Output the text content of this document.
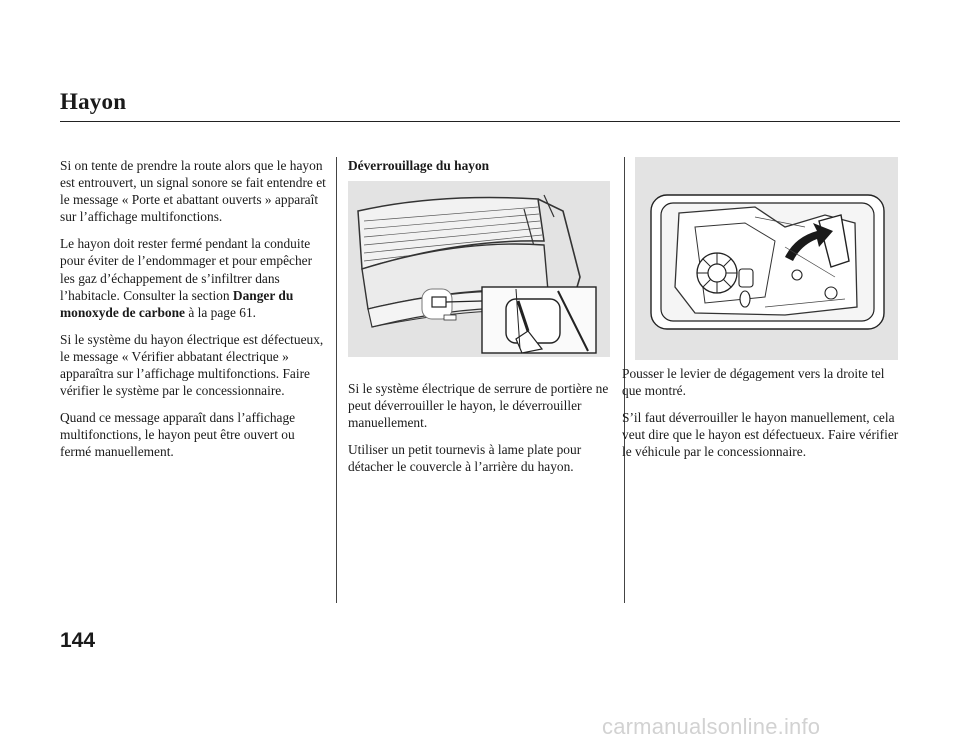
Hayon

Si on tente de prendre la route alors que le hayon est entrouvert, un signal sonore se fait entendre et le message « Porte et abattant ouverts » apparaît sur l’affichage multifonctions.

Le hayon doit rester fermé pendant la conduite pour éviter de l’endommager et pour empêcher les gaz d’échappement de s’infiltrer dans l’habitacle. Consulter la section Danger du monoxyde de carbone à la page 61.

Si le système du hayon électrique est défectueux, le message « Vérifier abbatant électrique » apparaîtra sur l’affichage multifonctions. Faire vérifier le système par le concessionnaire.

Quand ce message apparaît dans l’affichage multifonctions, le hayon peut être ouvert ou fermé manuellement.

Déverrouillage du hayon

Si le système électrique de serrure de portière ne peut déverrouiller le hayon, le déverrouiller manuellement.

Utiliser un petit tournevis à lame plate pour détacher le couvercle à l’arrière du hayon.

Pousser le levier de dégagement vers la droite tel que montré.

S’il faut déverrouiller le hayon manuellement, cela veut dire que le hayon est défectueux. Faire vérifier le véhicule par le concessionnaire.

144
carmanualsonline.info
